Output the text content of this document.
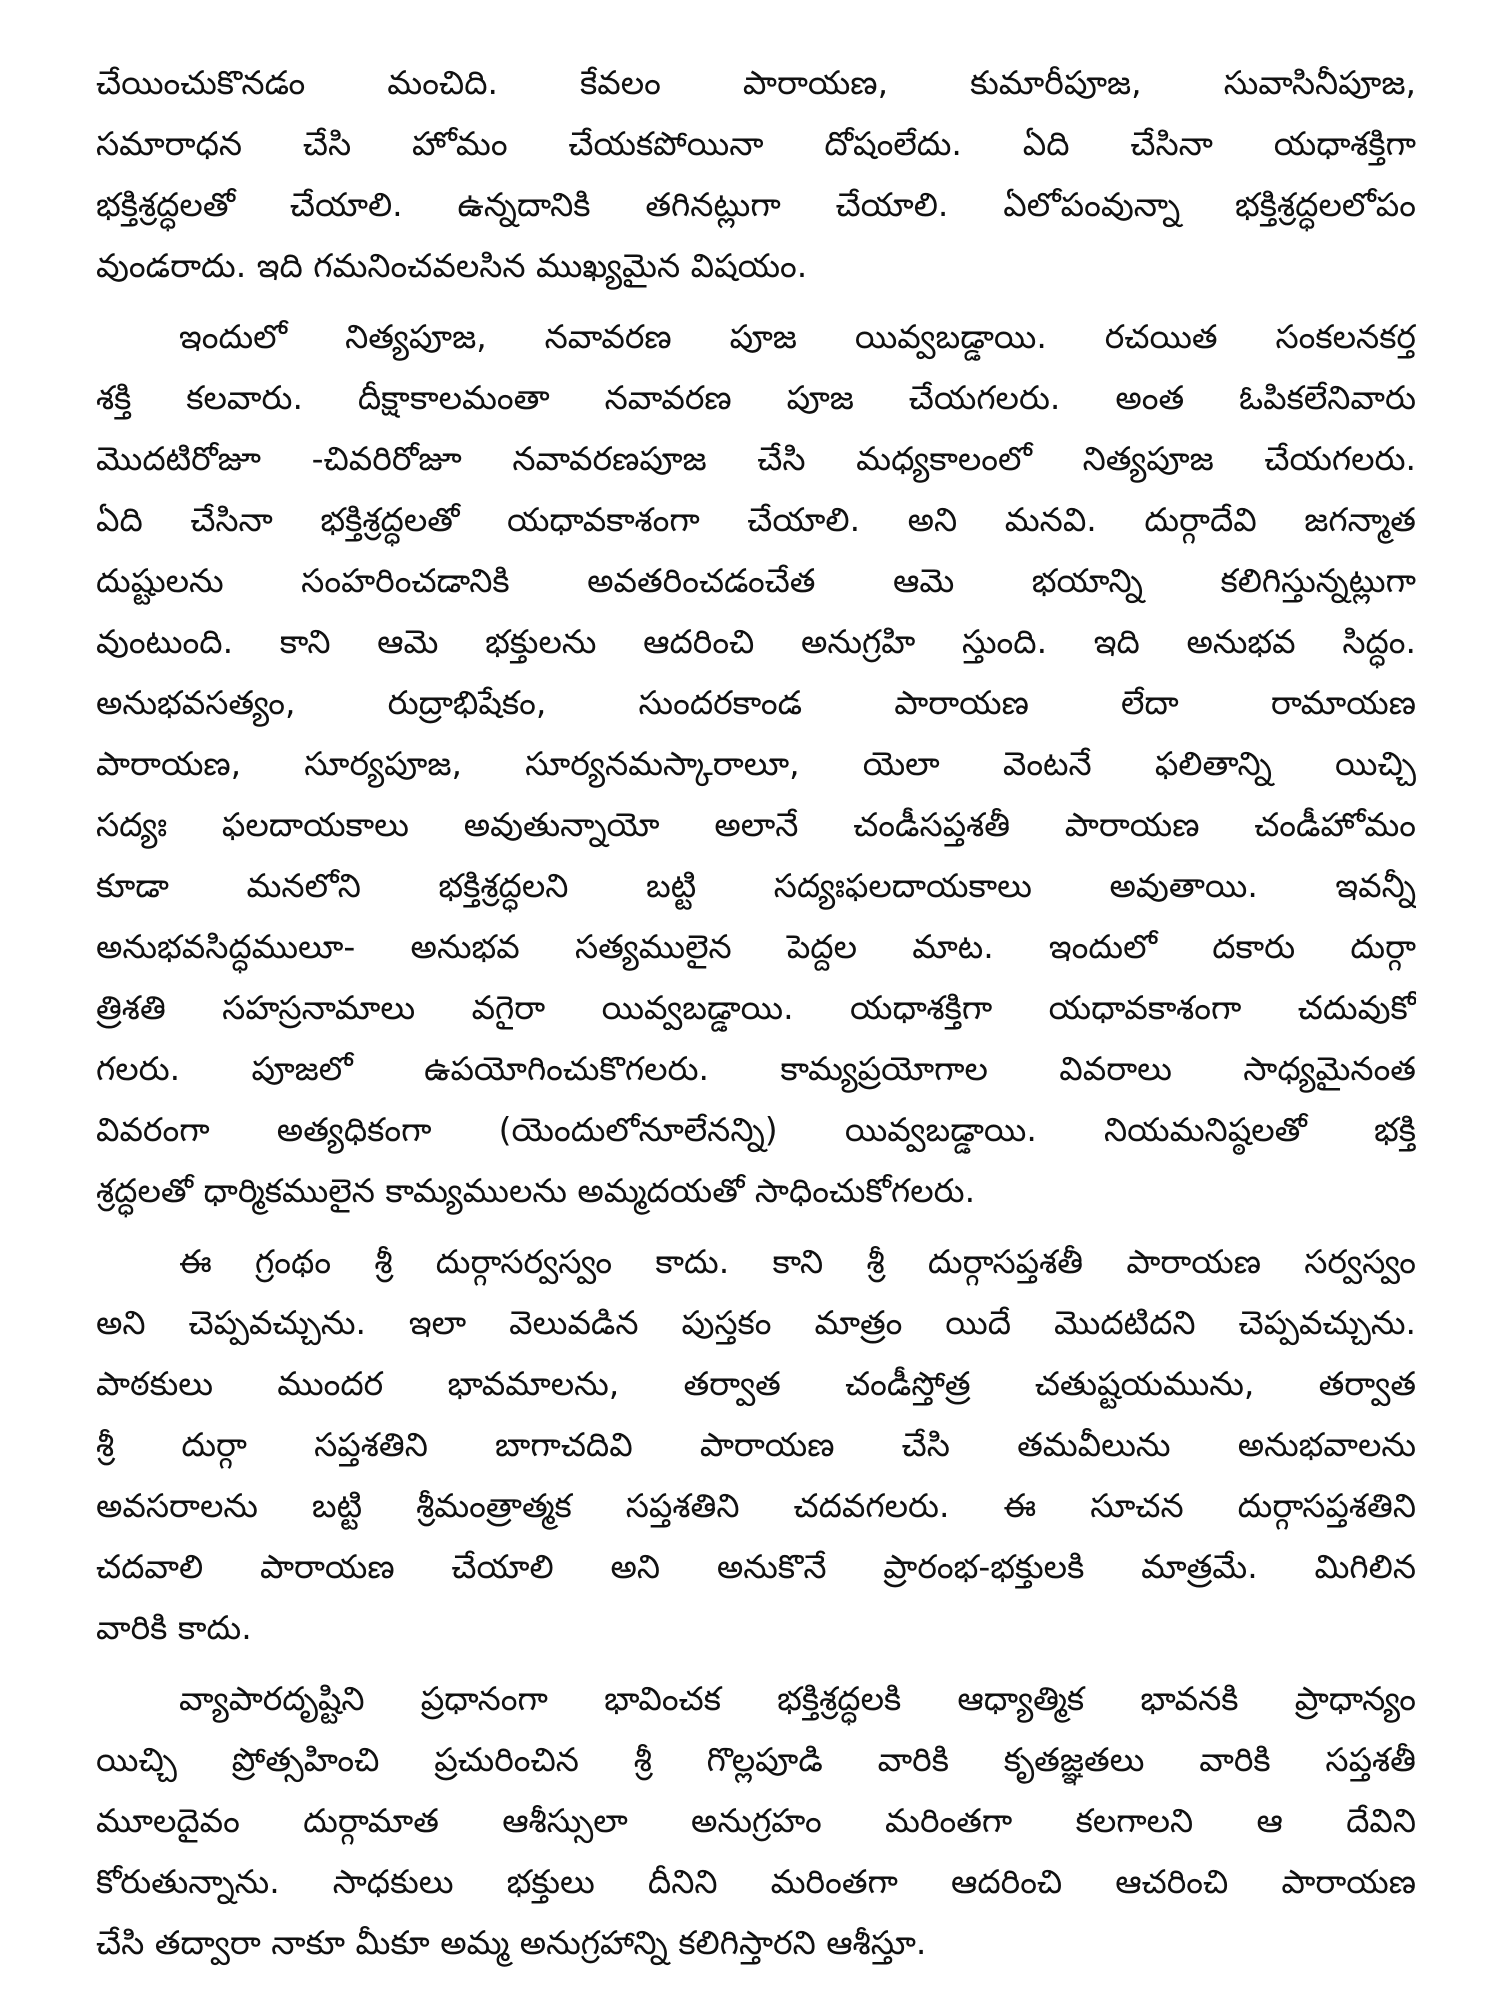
చేయించుకొనడం మంచిది. కేవలం పారాయణ, కుమారీపూజ, సువాసినీపూజ,
సమారాధన చేసి హోమం చేయకపోయినా దోషంలేదు. ఏది చేసినా యధాశక్తిగా
భక్తిశ్రద్ధలతో చేయాలి. ఉన్నదానికి తగినట్లుగా చేయాలి. ఏలోపంవున్నా భక్తిశ్రద్ధలలోపం
వుండరాదు. ఇది గమనించవలసిన ముఖ్యమైన విషయం.
ఇందులో నిత్యపూజ, నవావరణ పూజ యివ్వబడ్డాయి. రచయిత సంకలనకర్త
శక్తి కలవారు. దీక్షాకాలమంతా నవావరణ పూజ చేయగలరు. అంత ఓపికలేనివారు
మొదటిరోజూ -చివరిరోజూ నవావరణపూజ చేసి మధ్యకాలంలో నిత్యపూజ చేయగలరు.
ఏది చేసినా భక్తిశ్రద్ధలతో యధావకాశంగా చేయాలి. అని మనవి. దుర్గాదేవి జగన్మాత
దుష్టులను సంహరించడానికి అవతరించడంచేత ఆమె భయాన్ని కలిగిస్తున్నట్లుగా
వుంటుంది. కాని ఆమె భక్తులను ఆదరించి అనుగ్రహి స్తుంది. ఇది అనుభవ సిద్ధం.
అనుభవసత్యం, రుద్రాభిషేకం, సుందరకాండ పారాయణ లేదా రామాయణ
పారాయణ, సూర్యపూజ, సూర్యనమస్కారాలూ, యెలా వెంటనే ఫలితాన్ని యిచ్చి
సద్యః ఫలదాయకాలు అవుతున్నాయో అలానే చండీసప్తశతీ పారాయణ చండీహోమం
కూడా మనలోని భక్తిశ్రద్ధలని బట్టి సద్యఃఫలదాయకాలు అవుతాయి. ఇవన్నీ
అనుభవసిద్ధములూ- అనుభవ సత్యములైన పెద్దల మాట. ఇందులో దకారు దుర్గా
త్రిశతి సహస్రనామాలు వగైరా యివ్వబడ్డాయి. యధాశక్తిగా యధావకాశంగా చదువుకో
గలరు. పూజలో ఉపయోగించుకొగలరు. కామ్యప్రయోగాల వివరాలు సాధ్యమైనంత
వివరంగా అత్యధికంగా (యెందులోనూలేనన్ని) యివ్వబడ్డాయి. నియమనిష్ఠలతో భక్తి
శ్రద్ధలతో ధార్మికములైన కామ్యములను అమ్మదయతో సాధించుకోగలరు.
ఈ గ్రంథం శ్రీ దుర్గాసర్వస్వం కాదు. కాని శ్రీ దుర్గాసప్తశతీ పారాయణ సర్వస్వం
అని చెప్పవచ్చును. ఇలా వెలువడిన పుస్తకం మాత్రం యిదే మొదటిదని చెప్పవచ్చును.
పాఠకులు ముందర భావమాలను, తర్వాత చండీస్తోత్ర చతుష్టయమును, తర్వాత
శ్రీ దుర్గా సప్తశతిని బాగాచదివి పారాయణ చేసి తమవీలును అనుభవాలను
అవసరాలను బట్టి శ్రీమంత్రాత్మక సప్తశతిని చదవగలరు. ఈ సూచన దుర్గాసప్తశతిని
చదవాలి పారాయణ చేయాలి అని అనుకొనే ప్రారంభ-భక్తులకి మాత్రమే. మిగిలిన
వారికి కాదు.
వ్యాపారదృష్టిని ప్రధానంగా భావించక భక్తిశ్రద్ధలకి ఆధ్యాత్మిక భావనకి ప్రాధాన్యం
యిచ్చి ప్రోత్సహించి ప్రచురించిన శ్రీ గొల్లపూడి వారికి కృతజ్ఞతలు వారికి సప్తశతీ
మూలదైవం దుర్గామాత ఆశీస్సులా అనుగ్రహం మరింతగా కలగాలని ఆ దేవిని
కోరుతున్నాను. సాధకులు భక్తులు దీనిని మరింతగా ఆదరించి ఆచరించి పారాయణ
చేసి తద్వారా నాకూ మీకూ అమ్మ అనుగ్రహాన్ని కలిగిస్తారని ఆశీస్తూ.
